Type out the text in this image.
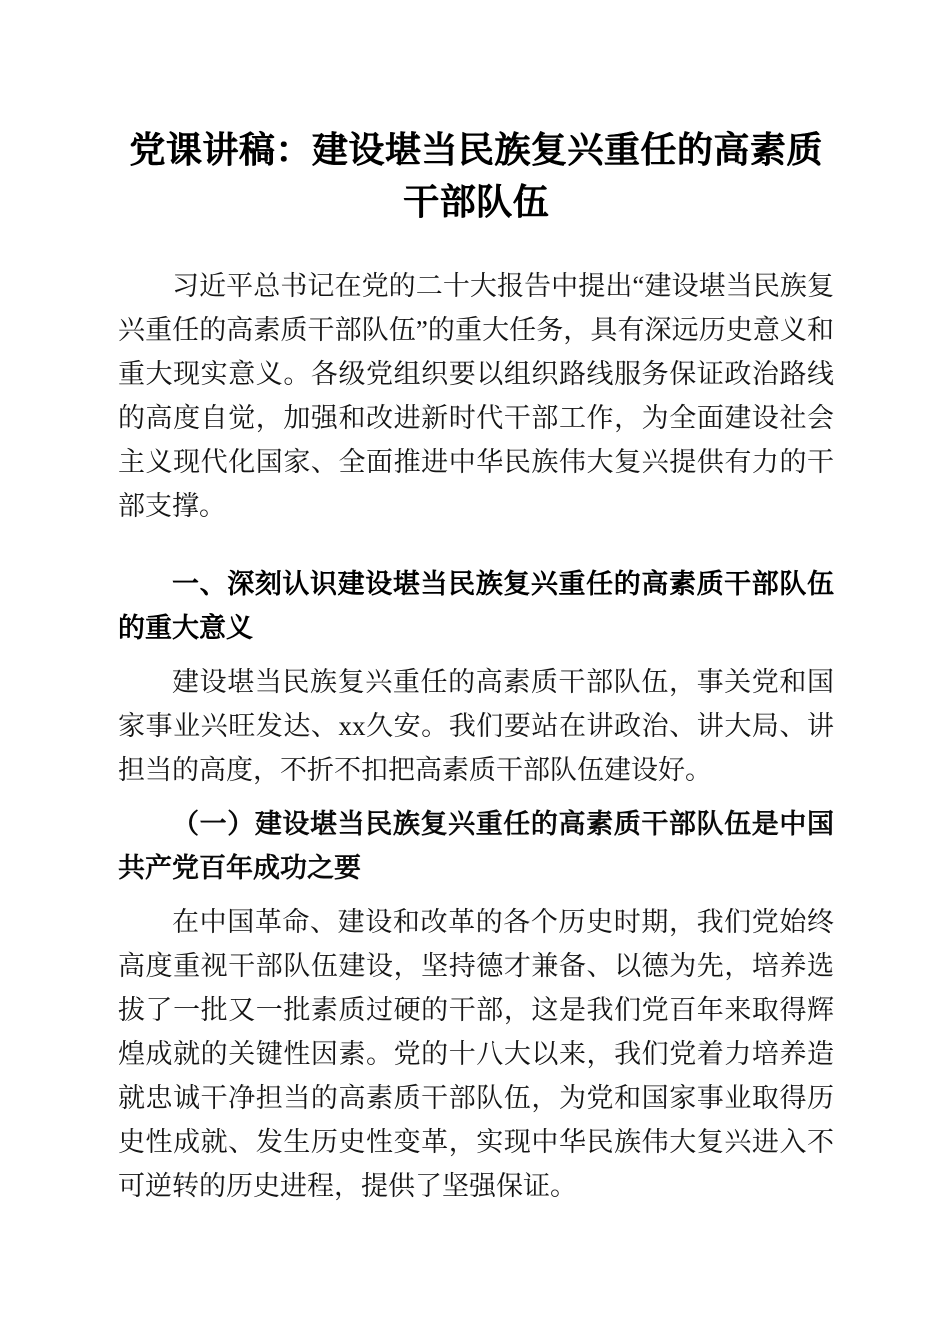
党课讲稿：建设堪当民族复兴重任的高素质干部队伍

习近平总书记在党的二十大报告中提出“建设堪当民族复兴重任的高素质干部队伍”的重大任务，具有深远历史意义和重大现实意义。各级党组织要以组织路线服务保证政治路线的高度自觉，加强和改进新时代干部工作，为全面建设社会主义现代化国家、全面推进中华民族伟大复兴提供有力的干部支撑。

一、深刻认识建设堪当民族复兴重任的高素质干部队伍的重大意义

建设堪当民族复兴重任的高素质干部队伍，事关党和国家事业兴旺发达、xx久安。我们要站在讲政治、讲大局、讲担当的高度，不折不扣把高素质干部队伍建设好。

（一）建设堪当民族复兴重任的高素质干部队伍是中国共产党百年成功之要

在中国革命、建设和改革的各个历史时期，我们党始终高度重视干部队伍建设，坚持德才兼备、以德为先，培养选拔了一批又一批素质过硬的干部，这是我们党百年来取得辉煌成就的关键性因素。党的十八大以来，我们党着力培养造就忠诚干净担当的高素质干部队伍，为党和国家事业取得历史性成就、发生历史性变革，实现中华民族伟大复兴进入不可逆转的历史进程，提供了坚强保证。
